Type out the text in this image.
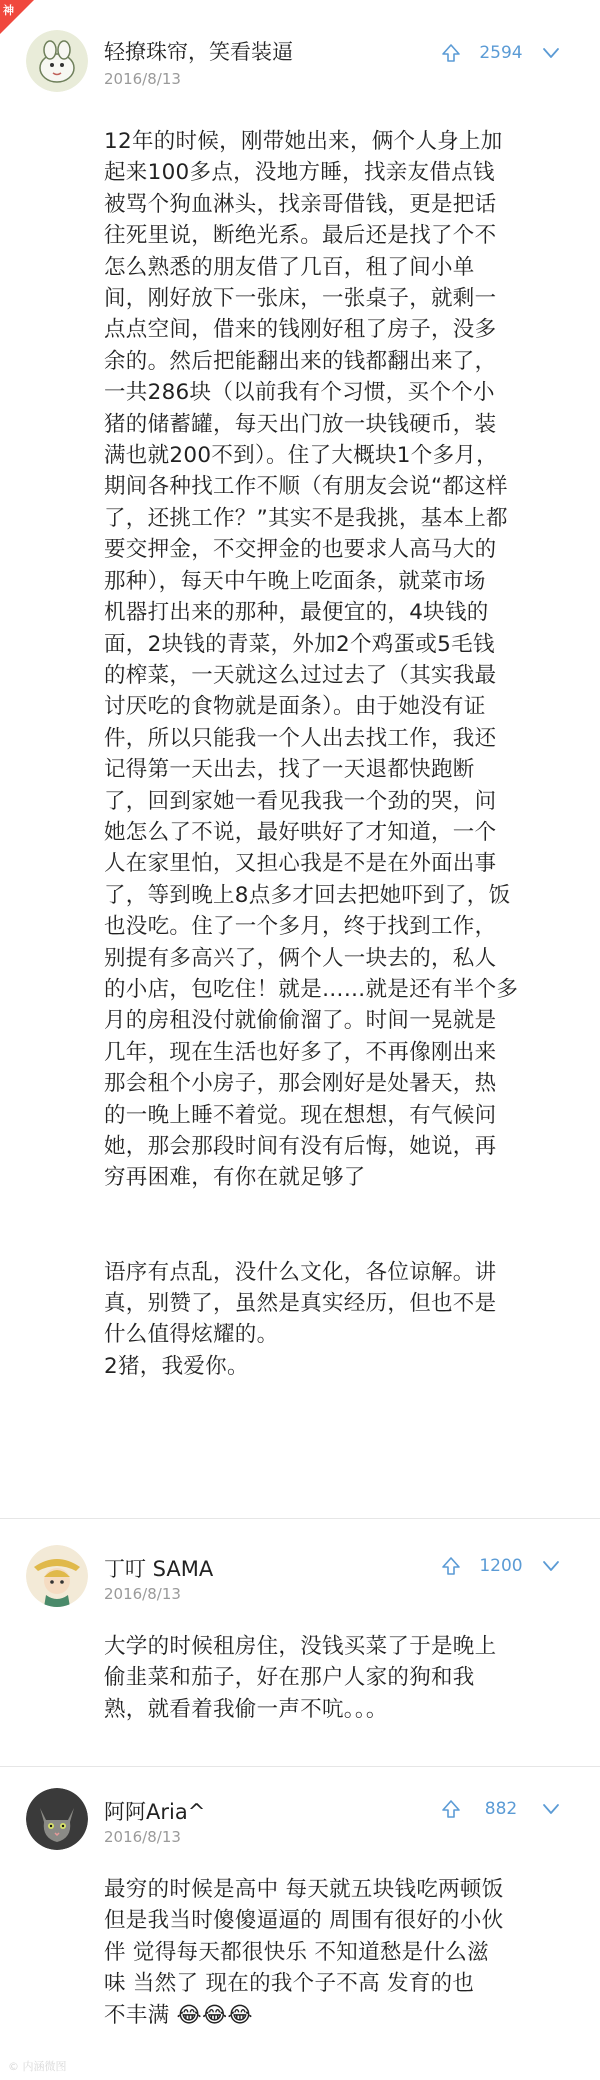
神
轻撩珠帘，笑看装逼
2016/8/13
2594
12年的时候，刚带她出来，俩个人身上加
起来100多点，没地方睡，找亲友借点钱
被骂个狗血淋头，找亲哥借钱，更是把话
往死里说，断绝光系。最后还是找了个不
怎么熟悉的朋友借了几百，租了间小单
间，刚好放下一张床，一张桌子，就剩一
点点空间，借来的钱刚好租了房子，没多
余的。然后把能翻出来的钱都翻出来了，
一共286块（以前我有个习惯，买个个小
猪的储蓄罐，每天出门放一块钱硬币，装
满也就200不到）。住了大概块1个多月，
期间各种找工作不顺（有朋友会说“都这样
了，还挑工作？”其实不是我挑，基本上都
要交押金，不交押金的也要求人高马大的
那种），每天中午晚上吃面条，就菜市场
机器打出来的那种，最便宜的，4块钱的
面，2块钱的青菜，外加2个鸡蛋或5毛钱
的榨菜，一天就这么过过去了（其实我最
讨厌吃的食物就是面条）。由于她没有证
件，所以只能我一个人出去找工作，我还
记得第一天出去，找了一天退都快跑断
了，回到家她一看见我我一个劲的哭，问
她怎么了不说，最好哄好了才知道，一个
人在家里怕，又担心我是不是在外面出事
了，等到晚上8点多才回去把她吓到了，饭
也没吃。住了一个多月，终于找到工作，
别提有多高兴了，俩个人一块去的，私人
的小店，包吃住！就是……就是还有半个多
月的房租没付就偷偷溜了。时间一晃就是
几年，现在生活也好多了，不再像刚出来
那会租个小房子，那会刚好是处暑天，热
的一晚上睡不着觉。现在想想，有气候问
她，那会那段时间有没有后悔，她说，再
穷再困难，有你在就足够了

语序有点乱，没什么文化，各位谅解。讲
真，别赞了，虽然是真实经历，但也不是
什么值得炫耀的。
2猪，我爱你。
丁叮 SAMA
2016/8/13
1200
大学的时候租房住，没钱买菜了于是晚上
偷韭菜和茄子，好在那户人家的狗和我
熟，就看着我偷一声不吭。。。
阿阿Aria^
2016/8/13
882
最穷的时候是高中 每天就五块钱吃两顿饭
但是我当时傻傻逼逼的 周围有很好的小伙
伴 觉得每天都很快乐 不知道愁是什么滋
味 当然了 现在的我个子不高 发育的也
不丰满 😂😂😂
© 内涵微图
